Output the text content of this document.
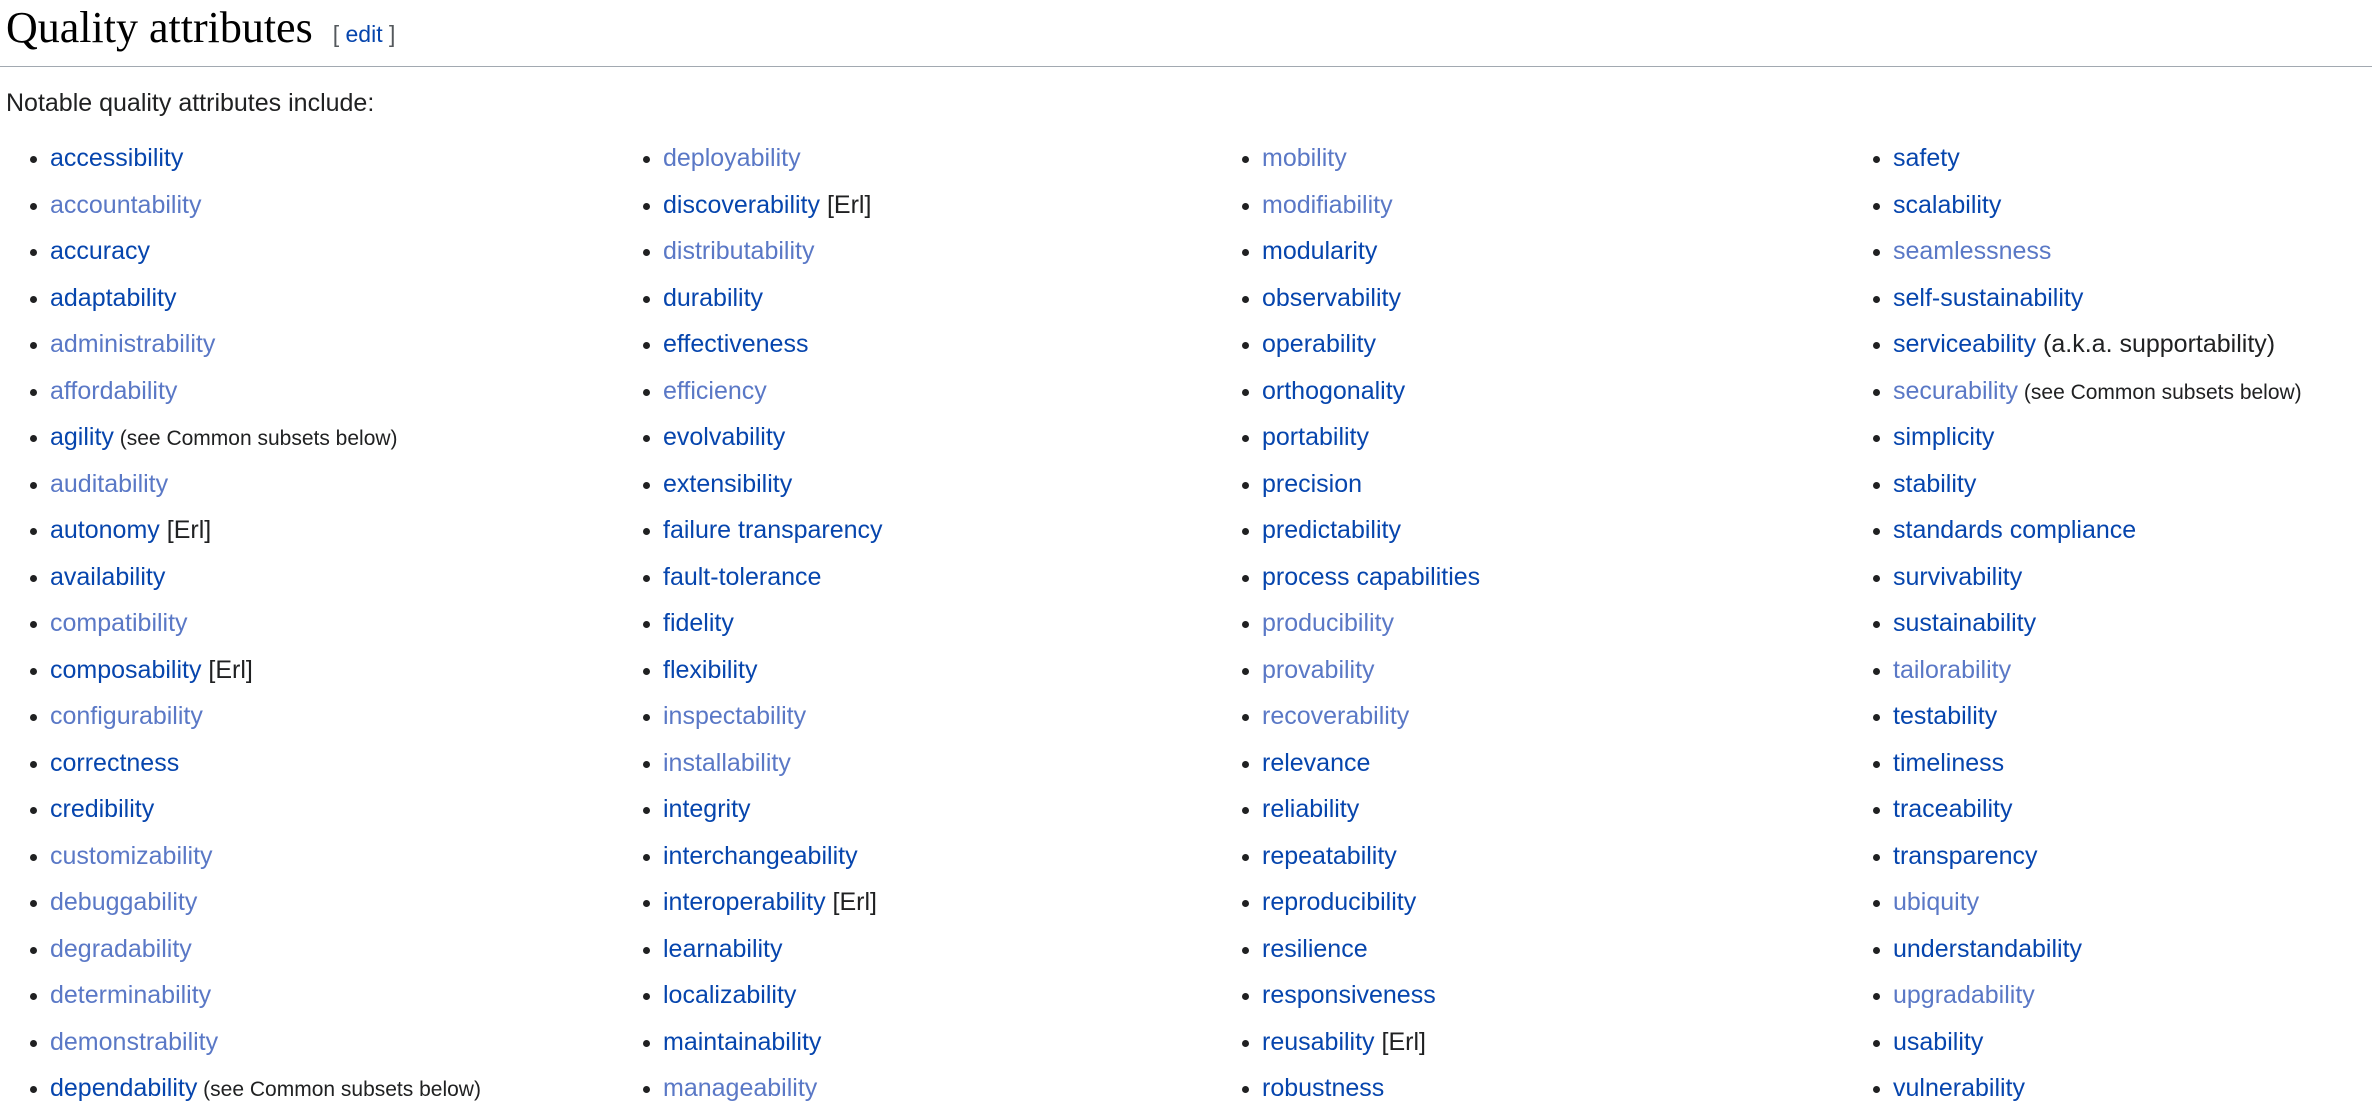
Quality attributes [ edit ]

Notable quality attributes include:

• accessibility
• accountability
• accuracy
• adaptability
• administrability
• affordability
• agility (see Common subsets below)
• auditability
• autonomy [Erl]
• availability
• compatibility
• composability [Erl]
• configurability
• correctness
• credibility
• customizability
• debuggability
• degradability
• determinability
• demonstrability
• dependability (see Common subsets below)
• deployability
• discoverability [Erl]
• distributability
• durability
• effectiveness
• efficiency
• evolvability
• extensibility
• failure transparency
• fault-tolerance
• fidelity
• flexibility
• inspectability
• installability
• integrity
• interchangeability
• interoperability [Erl]
• learnability
• localizability
• maintainability
• manageability
• mobility
• modifiability
• modularity
• observability
• operability
• orthogonality
• portability
• precision
• predictability
• process capabilities
• producibility
• provability
• recoverability
• relevance
• reliability
• repeatability
• reproducibility
• resilience
• responsiveness
• reusability [Erl]
• robustness
• safety
• scalability
• seamlessness
• self-sustainability
• serviceability (a.k.a. supportability)
• securability (see Common subsets below)
• simplicity
• stability
• standards compliance
• survivability
• sustainability
• tailorability
• testability
• timeliness
• traceability
• transparency
• ubiquity
• understandability
• upgradability
• usability
• vulnerability
